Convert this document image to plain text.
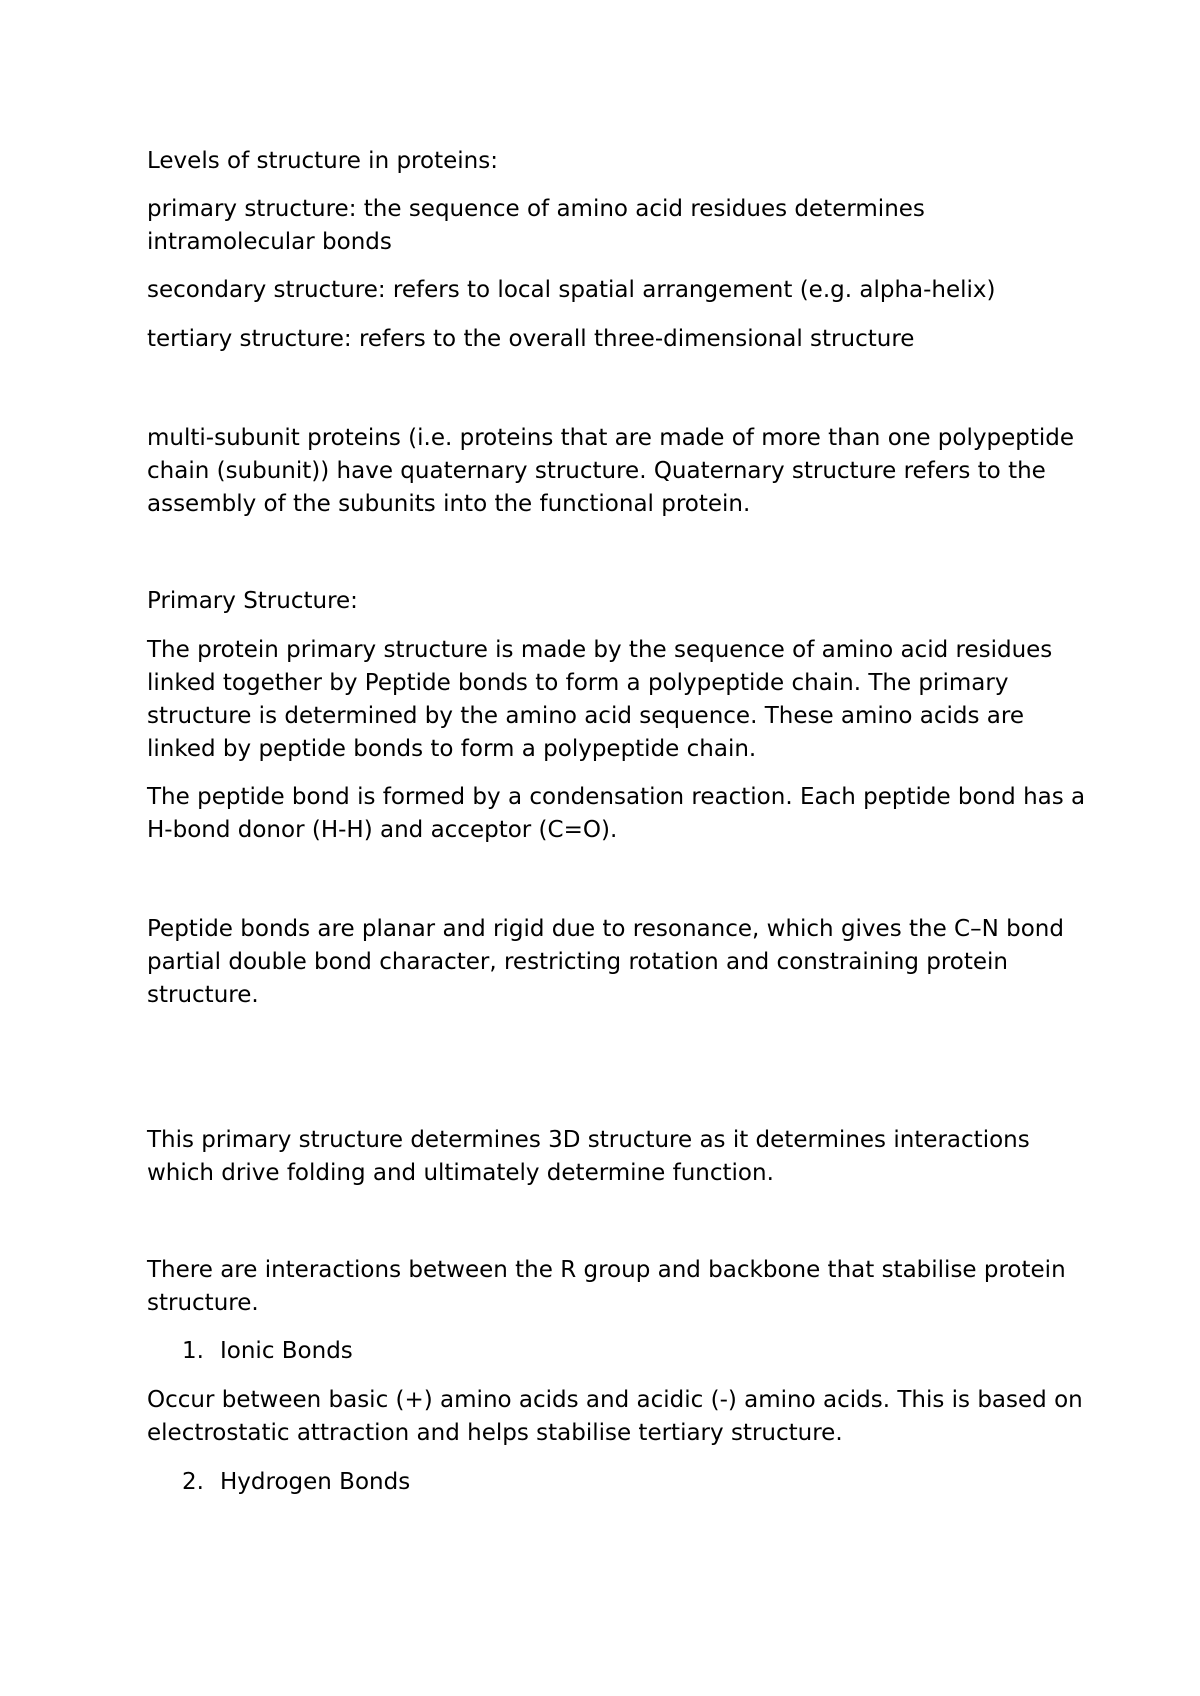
Levels of structure in proteins:

primary structure: the sequence of amino acid residues determines intramolecular bonds

secondary structure: refers to local spatial arrangement (e.g. alpha-helix)

tertiary structure: refers to the overall three-dimensional structure

multi-subunit proteins (i.e. proteins that are made of more than one polypeptide chain (subunit)) have quaternary structure. Quaternary structure refers to the assembly of the subunits into the functional protein.

Primary Structure:

The protein primary structure is made by the sequence of amino acid residues linked together by Peptide bonds to form a polypeptide chain. The primary structure is determined by the amino acid sequence. These amino acids are linked by peptide bonds to form a polypeptide chain.

The peptide bond is formed by a condensation reaction. Each peptide bond has a H-bond donor (H-H) and acceptor (C=O).

Peptide bonds are planar and rigid due to resonance, which gives the C–N bond partial double bond character, restricting rotation and constraining protein structure.

This primary structure determines 3D structure as it determines interactions which drive folding and ultimately determine function.

There are interactions between the R group and backbone that stabilise protein structure.

1. Ionic Bonds

Occur between basic (+) amino acids and acidic (-) amino acids. This is based on electrostatic attraction and helps stabilise tertiary structure.

2. Hydrogen Bonds
